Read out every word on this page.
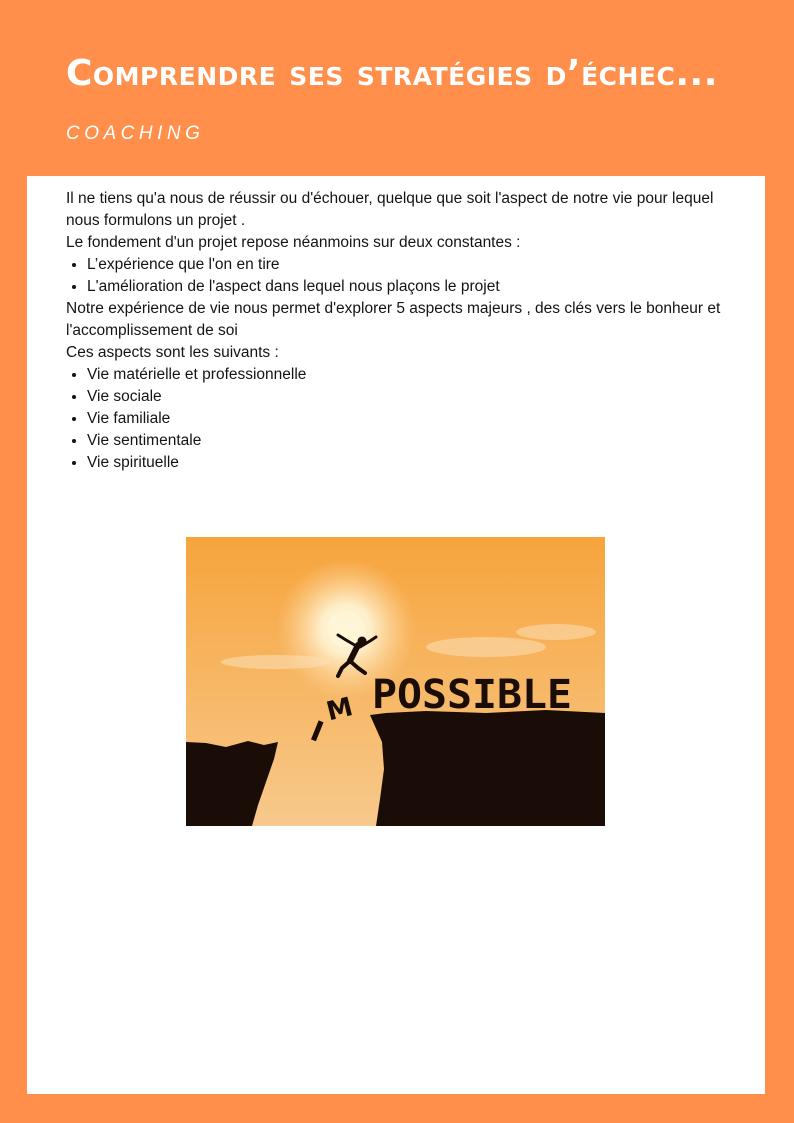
Comprendre ses stratégies d’échec...

COACHING

Il ne tiens qu'a nous de réussir ou d'échouer, quelque que soit l'aspect de notre vie pour lequel nous formulons un projet .

Le fondement d'un projet repose néanmoins sur deux constantes :

• L’expérience que l'on en tire
• L'amélioration de l'aspect dans lequel nous plaçons le projet

Notre expérience de vie nous permet d'explorer 5 aspects majeurs , des clés vers le bonheur et l'accomplissement de soi

Ces aspects sont les suivants :

• Vie matérielle et professionnelle
• Vie sociale
• Vie familiale
• Vie sentimentale
• Vie spirituelle
POSSIBLE
M
I
